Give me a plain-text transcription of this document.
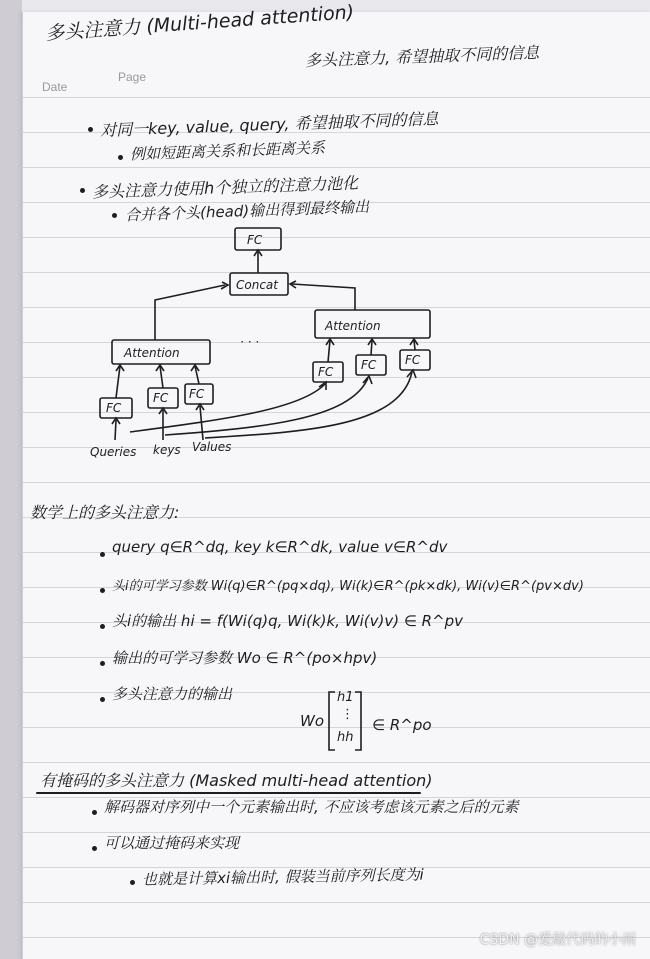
多头注意力 (Multi-head attention)
Date
Page
多头注意力, 希望抽取不同的信息
对同一key, value, query, 希望抽取不同的信息
例如短距离关系和长距离关系
多头注意力使用h个独立的注意力池化
合并各个头(head)输出得到最终输出
FC
Concat
Attention
Attention
· · ·
FC
FC FC
FC FC FC
Queries keys Values
数学上的多头注意力:
query q∈R^dq, key k∈R^dk, value v∈R^dv
头i的可学习参数 Wi(q)∈R^(pq×dq), Wi(k)∈R^(pk×dk), Wi(v)∈R^(pv×dv)
头i的输出 hi = f(Wi(q)q, Wi(k)k, Wi(v)v) ∈ R^pv
输出的可学习参数 Wo ∈ R^(po×hpv)
多头注意力的输出
Wo
h1
⋮
hh
∈ R^po
有掩码的多头注意力 (Masked multi-head attention)
解码器对序列中一个元素输出时, 不应该考虑该元素之后的元素
可以通过掩码来实现
也就是计算xi输出时, 假装当前序列长度为i
CSDN @爱敲代码的小雨
